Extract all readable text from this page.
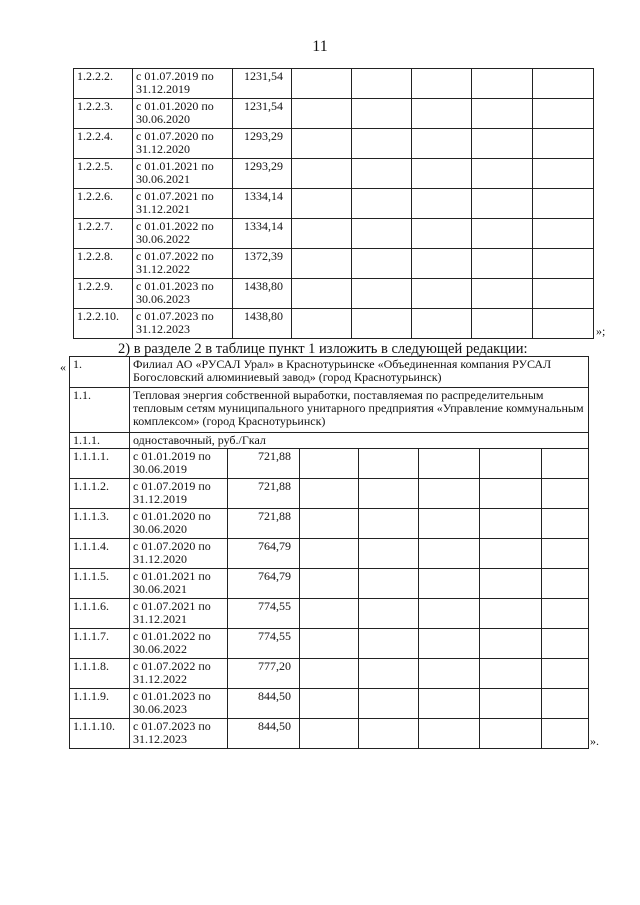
11
1.2.2.2.	с 01.07.2019 по 31.12.2019	1231,54					
1.2.2.3.	с 01.01.2020 по 30.06.2020	1231,54					
1.2.2.4.	с 01.07.2020 по 31.12.2020	1293,29					
1.2.2.5.	с 01.01.2021 по 30.06.2021	1293,29					
1.2.2.6.	с 01.07.2021 по 31.12.2021	1334,14					
1.2.2.7.	с 01.01.2022 по 30.06.2022	1334,14					
1.2.2.8.	с 01.07.2022 по 31.12.2022	1372,39					
1.2.2.9.	с 01.01.2023 по 30.06.2023	1438,80					
1.2.2.10.	с 01.07.2023 по 31.12.2023	1438,80					
»;
2) в разделе 2 в таблице пункт 1 изложить в следующей редакции:
« 1.	Филиал АО «РУСАЛ Урал» в Краснотурьинске «Объединенная компания РУСАЛ Богословский алюминиевый завод» (город Краснотурьинск)						
1.1.	Тепловая энергия собственной выработки, поставляемая по распределительным тепловым сетям муниципального унитарного предприятия «Управление коммунальным комплексом» (город Краснотурьинск)						
1.1.1.	одноставочный, руб./Гкал						
1.1.1.1.	с 01.01.2019 по 30.06.2019	721,88					
1.1.1.2.	с 01.07.2019 по 31.12.2019	721,88					
1.1.1.3.	с 01.01.2020 по 30.06.2020	721,88					
1.1.1.4.	с 01.07.2020 по 31.12.2020	764,79					
1.1.1.5.	с 01.01.2021 по 30.06.2021	764,79					
1.1.1.6.	с 01.07.2021 по 31.12.2021	774,55					
1.1.1.7.	с 01.01.2022 по 30.06.2022	774,55					
1.1.1.8.	с 01.07.2022 по 31.12.2022	777,20					
1.1.1.9.	с 01.01.2023 по 30.06.2023	844,50					
1.1.1.10.	с 01.07.2023 по 31.12.2023	844,50					
».
